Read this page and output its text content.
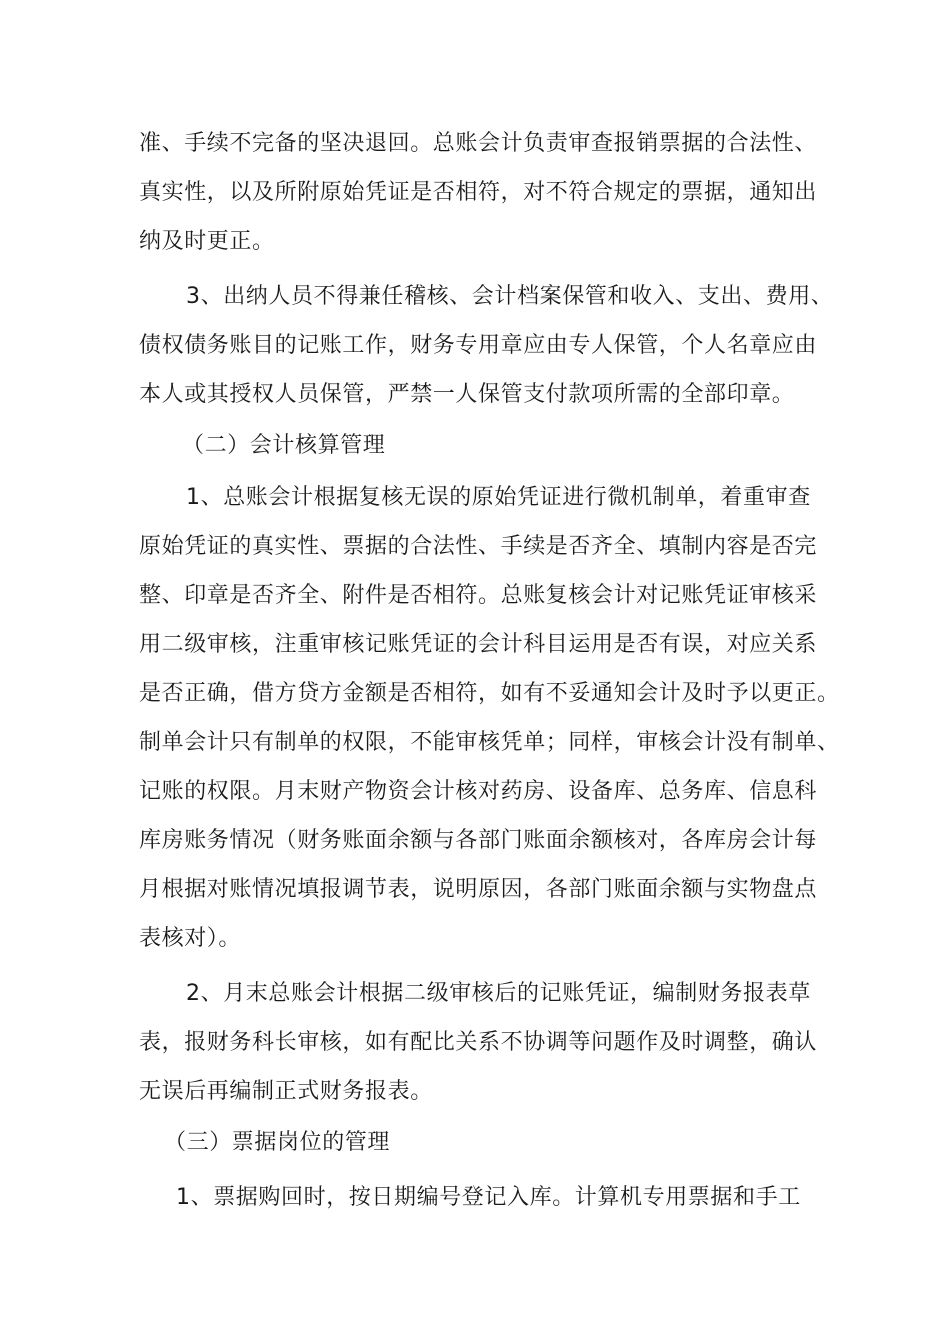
准、手续不完备的坚决退回。总账会计负责审查报销票据的合法性、
真实性，以及所附原始凭证是否相符，对不符合规定的票据，通知出
纳及时更正。
3、出纳人员不得兼任稽核、会计档案保管和收入、支出、费用、
债权债务账目的记账工作，财务专用章应由专人保管，个人名章应由
本人或其授权人员保管，严禁一人保管支付款项所需的全部印章。
（二）会计核算管理
1、总账会计根据复核无误的原始凭证进行微机制单，着重审查
原始凭证的真实性、票据的合法性、手续是否齐全、填制内容是否完
整、印章是否齐全、附件是否相符。总账复核会计对记账凭证审核采
用二级审核，注重审核记账凭证的会计科目运用是否有误，对应关系
是否正确，借方贷方金额是否相符，如有不妥通知会计及时予以更正。
制单会计只有制单的权限，不能审核凭单；同样，审核会计没有制单、
记账的权限。月末财产物资会计核对药房、设备库、总务库、信息科
库房账务情况（财务账面余额与各部门账面余额核对，各库房会计每
月根据对账情况填报调节表，说明原因，各部门账面余额与实物盘点
表核对）。
2、月末总账会计根据二级审核后的记账凭证，编制财务报表草
表，报财务科长审核，如有配比关系不协调等问题作及时调整，确认
无误后再编制正式财务报表。
（三）票据岗位的管理
1、票据购回时，按日期编号登记入库。计算机专用票据和手工
